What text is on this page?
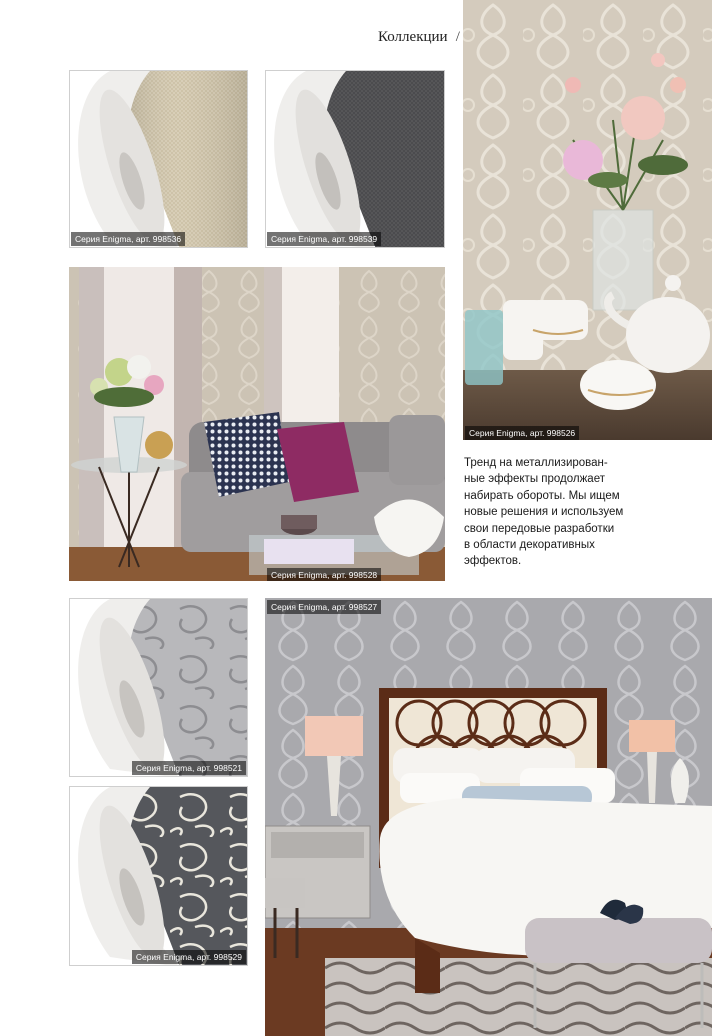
Коллекции /
Серия Enigma, арт. 998536	Серия Enigma, арт. 998539
Серия Enigma, арт. 998526
Серия Enigma, арт. 998528
Тренд на металлизирован-
ные эффекты продолжает
набирать обороты. Мы ищем
новые решения и используем
свои передовые разработки
в области декоративных
эффектов.
Серия Enigma, арт. 998521
Серия Enigma, арт. 998529
Серия Enigma, арт. 998527
